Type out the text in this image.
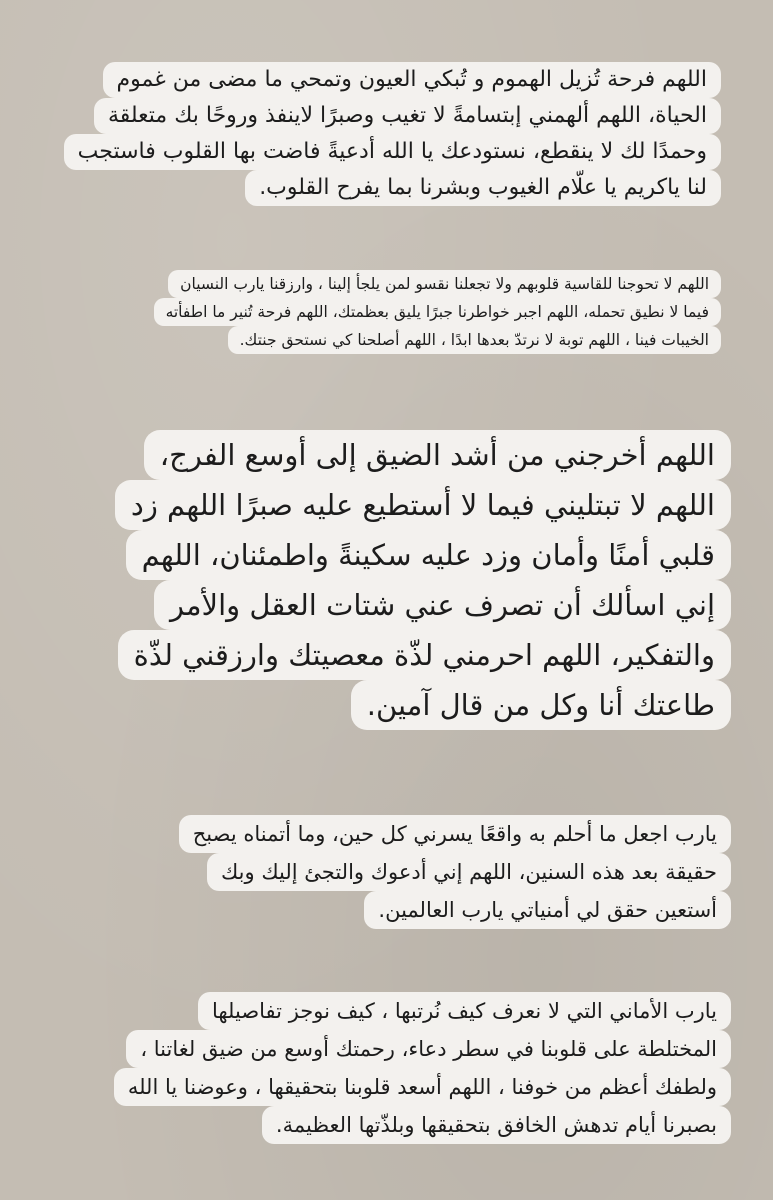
اللهم فرحة تُزيل الهموم و تُبكي العيون وتمحي ما مضى من غموم
الحياة، اللهم ألهمني إبتسامةً لا تغيب وصبرًا لاينفذ وروحًا بك متعلقة
وحمدًا لك لا ينقطع، نستودعك يا الله أدعيةً فاضت بها القلوب فاستجب
لنا ياكريم يا علّام الغيوب وبشرنا بما يفرح القلوب.
اللهم لا تحوجنا للقاسية قلوبهم ولا تجعلنا نقسو لمن يلجأ إلينا ، وارزقنا يارب النسيان
فيما لا نطيق تحمله، اللهم اجبر خواطرنا جبرًا يليق بعظمتك، اللهم فرحة تُنير ما اطفأته
الخيبات فينا ، اللهم توبة لا نرتدّ بعدها ابدًا ، اللهم أصلحنا كي نستحق جنتك.
اللهم أخرجني من أشد الضيق إلى أوسع الفرج،
اللهم لا تبتليني فيما لا أستطيع عليه صبرًا اللهم زد
قلبي أمنًا وأمان وزد عليه سكينةً واطمئنان، اللهم
إني اسألك أن تصرف عني شتات العقل والأمر
والتفكير، اللهم احرمني لذّة معصيتك وارزقني لذّة
طاعتك أنا وكل من قال آمين.
يارب اجعل ما أحلم به واقعًا يسرني كل حين، وما أتمناه يصبح
حقيقة بعد هذه السنين، اللهم إني أدعوك والتجئ إليك وبك
أستعين حقق لي أمنياتي يارب العالمين.
يارب الأماني التي لا نعرف كيف نُرتبها ، كيف نوجز تفاصيلها
المختلطة على قلوبنا في سطر دعاء، رحمتك أوسع من ضيق لغاتنا ،
ولطفك أعظم من خوفنا ، اللهم أسعد قلوبنا بتحقيقها ، وعوضنا يا الله
بصبرنا أيام تدهش الخافق بتحقيقها وبلذّتها العظيمة.
